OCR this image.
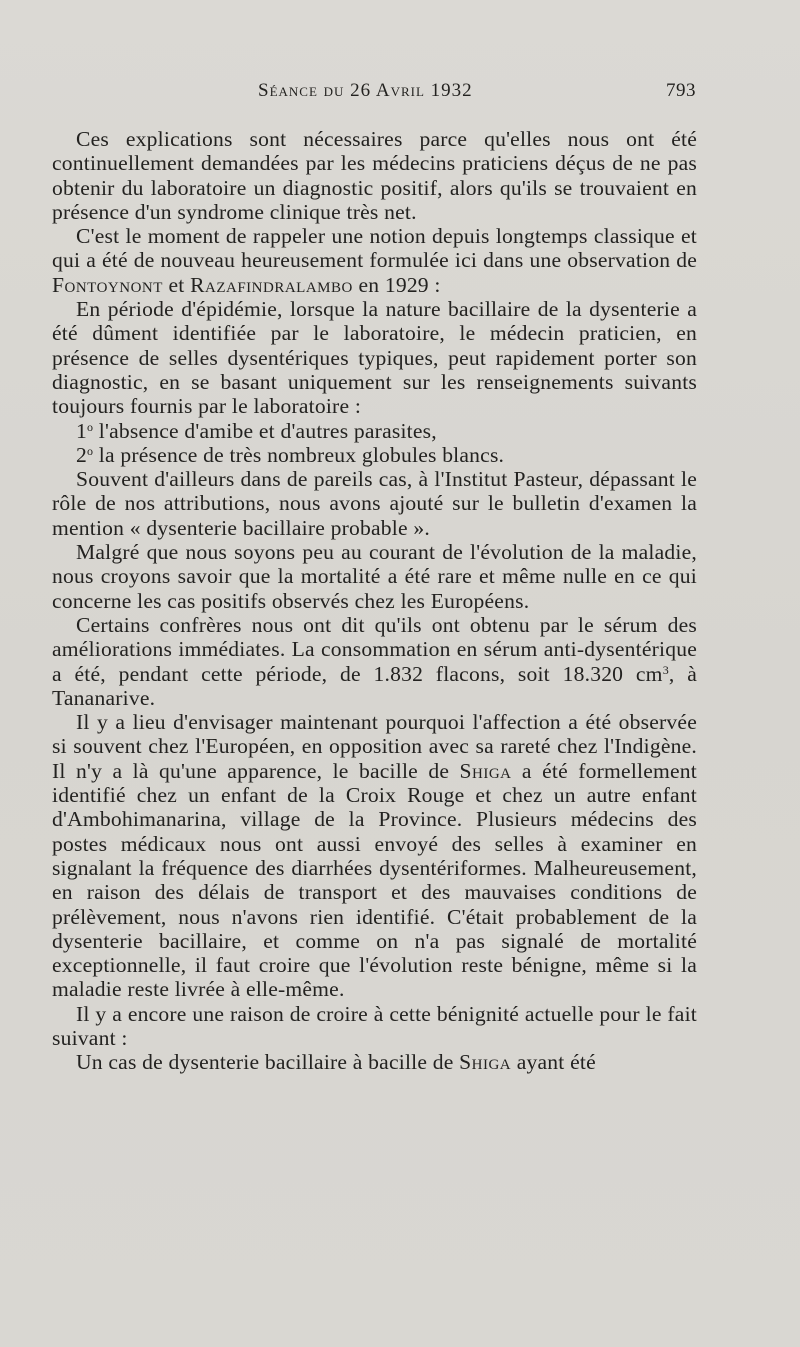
Séance du 26 Avril 1932	793

Ces explications sont nécessaires parce qu'elles nous ont été continuellement demandées par les médecins praticiens déçus de ne pas obtenir du laboratoire un diagnostic positif, alors qu'ils se trouvaient en présence d'un syndrome clinique très net.

C'est le moment de rappeler une notion depuis longtemps classique et qui a été de nouveau heureusement formulée ici dans une observation de Fontoynont et Razafindralambo en 1929 :

En période d'épidémie, lorsque la nature bacillaire de la dysenterie a été dûment identifiée par le laboratoire, le médecin praticien, en présence de selles dysentériques typiques, peut rapidement porter son diagnostic, en se basant uniquement sur les renseignements suivants toujours fournis par le laboratoire :

1$^o$ l'absence d'amibe et d'autres parasites,

2$^o$ la présence de très nombreux globules blancs.

Souvent d'ailleurs dans de pareils cas, à l'Institut Pasteur, dépassant le rôle de nos attributions, nous avons ajouté sur le bulletin d'examen la mention « dysenterie bacillaire probable ».

Malgré que nous soyons peu au courant de l'évolution de la maladie, nous croyons savoir que la mortalité a été rare et même nulle en ce qui concerne les cas positifs observés chez les Européens.

Certains confrères nous ont dit qu'ils ont obtenu par le sérum des améliorations immédiates. La consommation en sérum anti-dysentérique a été, pendant cette période, de 1.832 flacons, soit 18.320 $cm^3$, à Tananarive.

Il y a lieu d'envisager maintenant pourquoi l'affection a été observée si souvent chez l'Européen, en opposition avec sa rareté chez l'Indigène. Il n'y a là qu'une apparence, le bacille de Shiga a été formellement identifié chez un enfant de la Croix Rouge et chez un autre enfant d'Ambohimanarina, village de la Province. Plusieurs médecins des postes médicaux nous ont aussi envoyé des selles à examiner en signalant la fréquence des diarrhées dysentériformes. Malheureusement, en raison des délais de transport et des mauvaises conditions de prélèvement, nous n'avons rien identifié. C'était probablement de la dysenterie bacillaire, et comme on n'a pas signalé de mortalité exceptionnelle, il faut croire que l'évolution reste bénigne, même si la maladie reste livrée à elle-même.

Il y a encore une raison de croire à cette bénignité actuelle pour le fait suivant :

Un cas de dysenterie bacillaire à bacille de Shiga ayant été
